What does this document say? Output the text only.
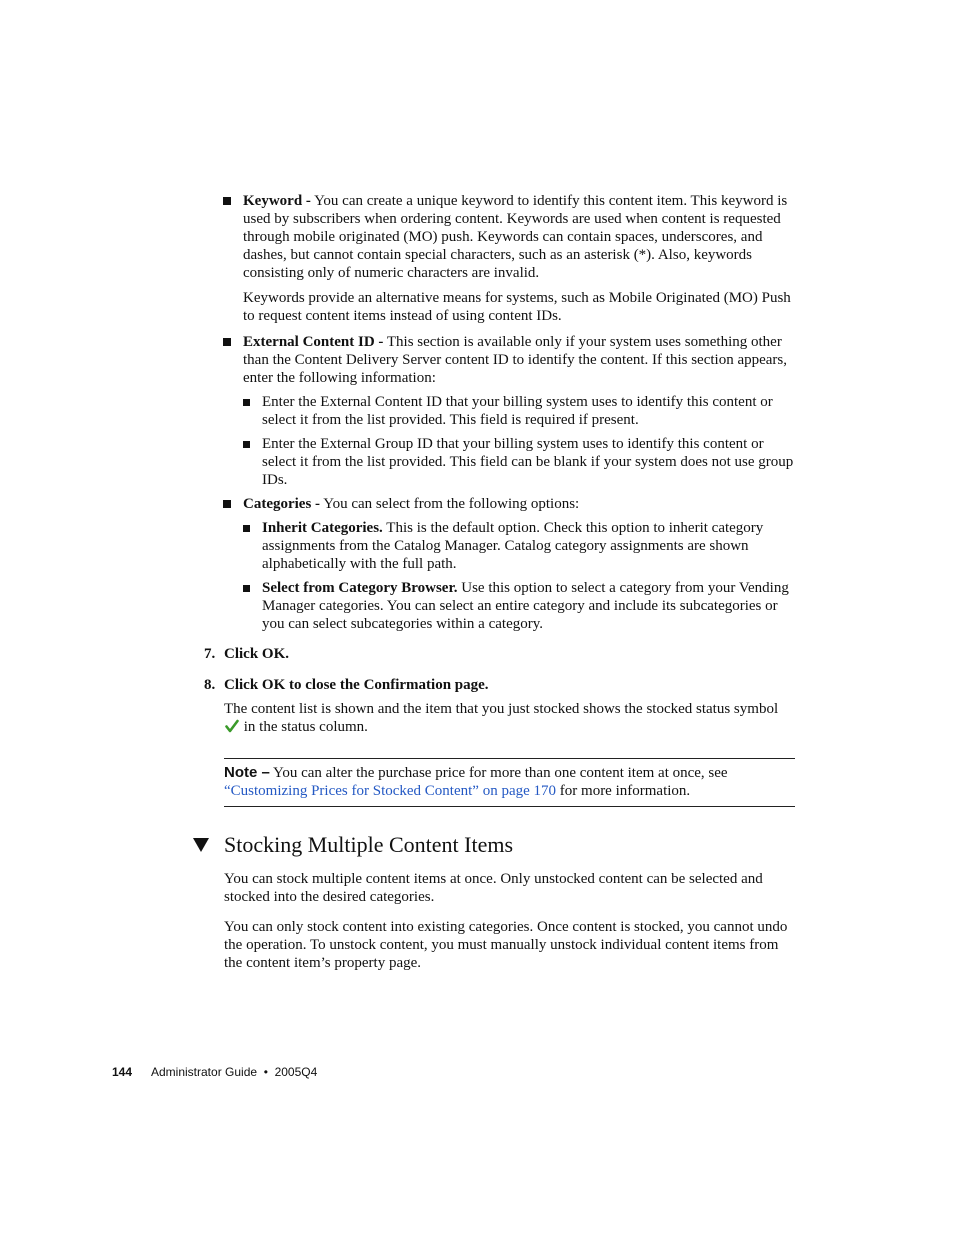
Keyword - You can create a unique keyword to identify this content item. This keyword is used by subscribers when ordering content. Keywords are used when content is requested through mobile originated (MO) push. Keywords can contain spaces, underscores, and dashes, but cannot contain special characters, such as an asterisk (*). Also, keywords consisting only of numeric characters are invalid.
Keywords provide an alternative means for systems, such as Mobile Originated (MO) Push to request content items instead of using content IDs.
External Content ID - This section is available only if your system uses something other than the Content Delivery Server content ID to identify the content. If this section appears, enter the following information:
Enter the External Content ID that your billing system uses to identify this content or select it from the list provided. This field is required if present.
Enter the External Group ID that your billing system uses to identify this content or select it from the list provided. This field can be blank if your system does not use group IDs.
Categories - You can select from the following options:
Inherit Categories. This is the default option. Check this option to inherit category assignments from the Catalog Manager. Catalog category assignments are shown alphabetically with the full path.
Select from Category Browser. Use this option to select a category from your Vending Manager categories. You can select an entire category and include its subcategories or you can select subcategories within a category.
7. Click OK.
8. Click OK to close the Confirmation page.
The content list is shown and the item that you just stocked shows the stocked status symbol  in the status column.
Note – You can alter the purchase price for more than one content item at once, see “Customizing Prices for Stocked Content” on page 170 for more information.
Stocking Multiple Content Items
You can stock multiple content items at once. Only unstocked content can be selected and stocked into the desired categories.
You can only stock content into existing categories. Once content is stocked, you cannot undo the operation. To unstock content, you must manually unstock individual content items from the content item’s property page.
144 Administrator Guide  •  2005Q4
